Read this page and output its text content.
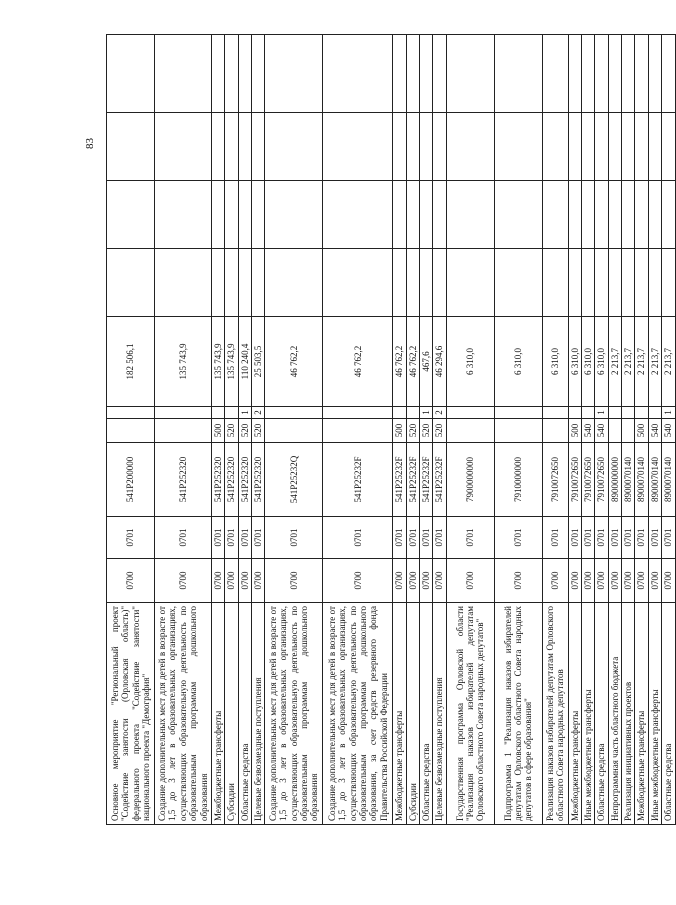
83
Основное мероприятие "Региональный проект "Содействие занятости (Орловская область)" федерального проекта "Содействие занятости" национального проекта "Демография"	0700	0701	541P200000			182 506,1				
Создание дополнительных мест для детей в возрасте от 1,5 до 3 лет в образовательных организациях, осуществляющих образовательную деятельность по образовательным программам дошкольного образования	0700	0701	541P252320			135 743,9				
Межбюджетные трансферты	0700	0701	541P252320	500		135 743,9				
Субсидии	0700	0701	541P252320	520		135 743,9				
Областные средства	0700	0701	541P252320	520	1	110 240,4				
Целевые безвозмездные поступления	0700	0701	541P252320	520	2	25 503,5				
Создание дополнительных мест для детей в возрасте от 1,5 до 3 лет в образовательных организациях, осуществляющих образовательную деятельность по образовательным программам дошкольного образования	0700	0701	541P25232Q			46 762,2				
Создание дополнительных мест для детей в возрасте от 1,5 до 3 лет в образовательных организациях, осуществляющих образовательную деятельность по образовательным программам дошкольного образования, за счет средств резервного фонда Правительства Российской Федерации	0700	0701	541P25232F			46 762,2				
Межбюджетные трансферты	0700	0701	541P25232F	500		46 762,2				
Субсидии	0700	0701	541P25232F	520		46 762,2				
Областные средства	0700	0701	541P25232F	520	1	467,6				
Целевые безвозмездные поступления	0700	0701	541P25232F	520	2	46 294,6				
Государственная программа Орловской области "Реализация наказов избирателей депутатам Орловского областного Совета народных депутатов"	0700	0701	7900000000			6 310,0				
Подпрограмма 1 "Реализация наказов избирателей депутатам Орловского областного Совета народных депутатов в сфере образования"	0700	0701	7910000000			6 310,0				
Реализация наказов избирателей депутатам Орловского областного Совета народных депутатов	0700	0701	7910072650			6 310,0				
Межбюджетные трансферты	0700	0701	7910072650	500		6 310,0				
Иные межбюджетные трансферты	0700	0701	7910072650	540		6 310,0				
Областные средства	0700	0701	7910072650	540	1	6 310,0				
Непрограммная часть областного бюджета	0700	0701	8900000000			2 213,7				
Реализация инициативных проектов	0700	0701	8900070140			2 213,7				
Межбюджетные трансферты	0700	0701	8900070140	500		2 213,7				
Иные межбюджетные трансферты	0700	0701	8900070140	540		2 213,7				
Областные средства	0700	0701	8900070140	540	1	2 213,7				
